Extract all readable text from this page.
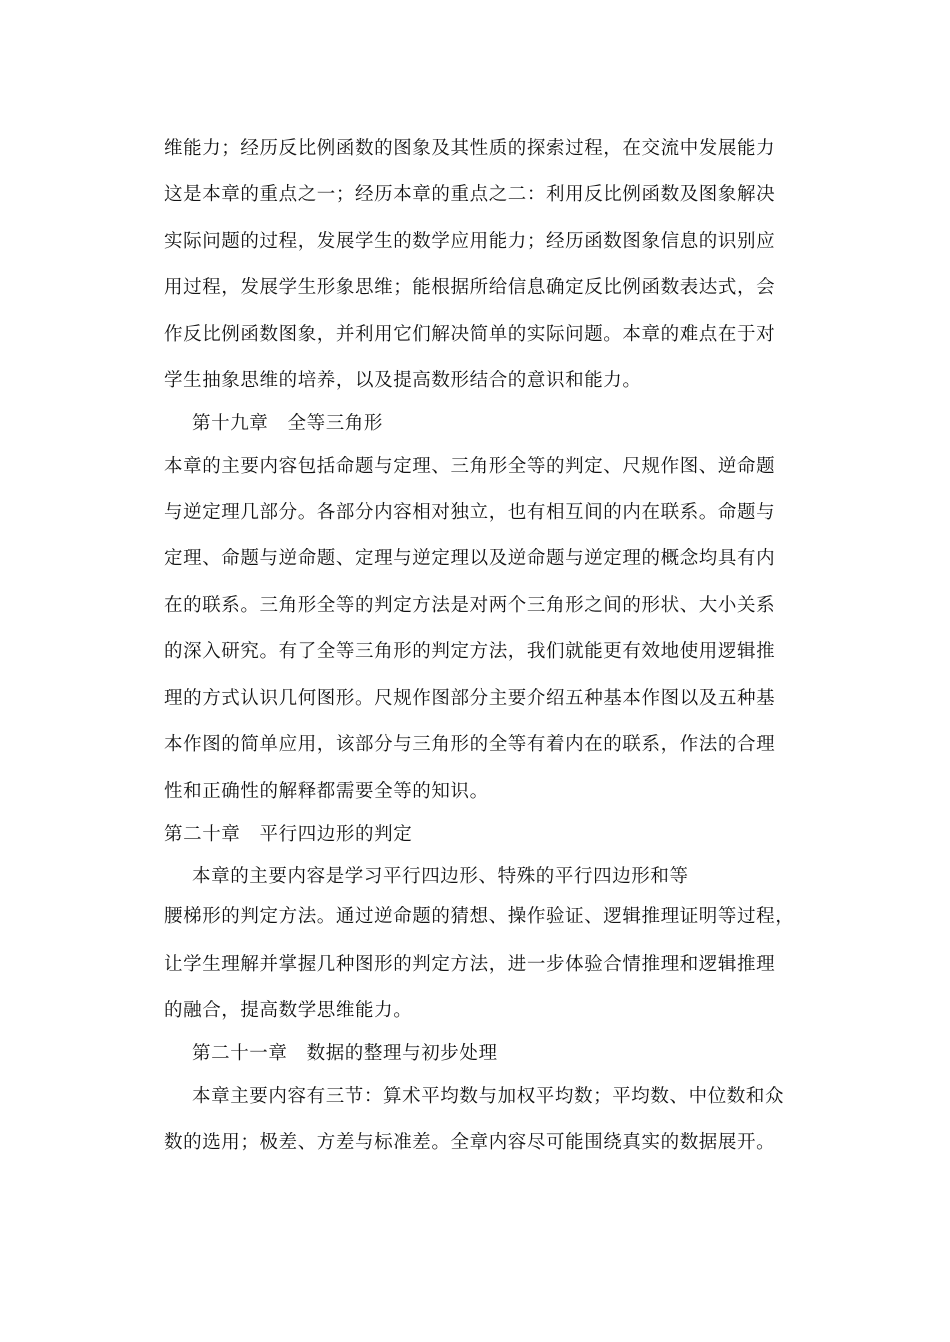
维能力；经历反比例函数的图象及其性质的探索过程，在交流中发展能力
这是本章的重点之一；经历本章的重点之二：利用反比例函数及图象解决
实际问题的过程，发展学生的数学应用能力；经历函数图象信息的识别应
用过程，发展学生形象思维；能根据所给信息确定反比例函数表达式，会
作反比例函数图象，并利用它们解决简单的实际问题。本章的难点在于对
学生抽象思维的培养，以及提高数形结合的意识和能力。
第十九章　全等三角形
本章的主要内容包括命题与定理、三角形全等的判定、尺规作图、逆命题
与逆定理几部分。各部分内容相对独立，也有相互间的内在联系。命题与
定理、命题与逆命题、定理与逆定理以及逆命题与逆定理的概念均具有内
在的联系。三角形全等的判定方法是对两个三角形之间的形状、大小关系
的深入研究。有了全等三角形的判定方法，我们就能更有效地使用逻辑推
理的方式认识几何图形。尺规作图部分主要介绍五种基本作图以及五种基
本作图的简单应用，该部分与三角形的全等有着内在的联系，作法的合理
性和正确性的解释都需要全等的知识。
第二十章　平行四边形的判定
本章的主要内容是学习平行四边形、特殊的平行四边形和等
腰梯形的判定方法。通过逆命题的猜想、操作验证、逻辑推理证明等过程，
让学生理解并掌握几种图形的判定方法，进一步体验合情推理和逻辑推理
的融合，提高数学思维能力。
第二十一章　数据的整理与初步处理
本章主要内容有三节：算术平均数与加权平均数；平均数、中位数和众
数的选用；极差、方差与标准差。全章内容尽可能围绕真实的数据展开。
